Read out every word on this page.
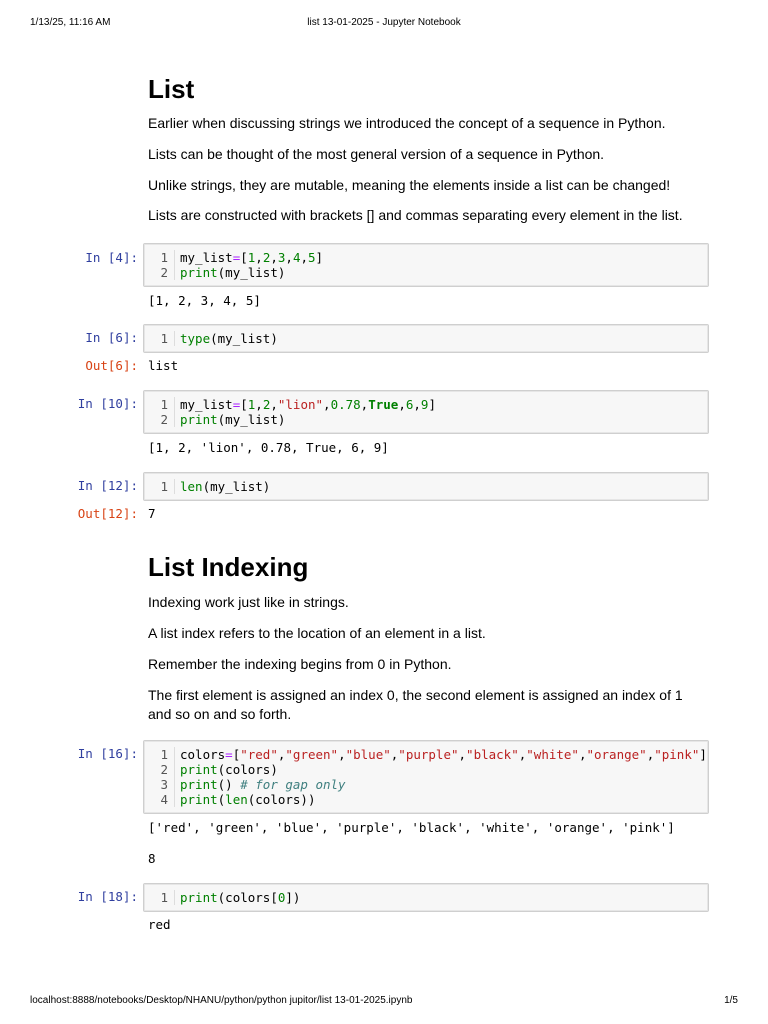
1/13/25, 11:16 AM	list 13-01-2025 - Jupyter Notebook
List
Earlier when discussing strings we introduced the concept of a sequence in Python.
Lists can be thought of the most general version of a sequence in Python.
Unlike strings, they are mutable, meaning the elements inside a list can be changed!
Lists are constructed with brackets [] and commas separating every element in the list.
In [4]:	1 my_list=[1,2,3,4,5]
2 print(my_list)
[1, 2, 3, 4, 5]
In [6]:	1 type(my_list)
Out[6]: list
In [10]:	1 my_list=[1,2,"lion",0.78,True,6,9]
2 print(my_list)
[1, 2, 'lion', 0.78, True, 6, 9]
In [12]:	1 len(my_list)
Out[12]: 7
List Indexing
Indexing work just like in strings.
A list index refers to the location of an element in a list.
Remember the indexing begins from 0 in Python.
The first element is assigned an index 0, the second element is assigned an index of 1 and so on and so forth.
In [16]:	1 colors=["red","green","blue","purple","black","white","orange","pink"]
2 print(colors)
3 print() # for gap only
4 print(len(colors))
['red', 'green', 'blue', 'purple', 'black', 'white', 'orange', 'pink']
8
In [18]:	1 print(colors[0])
red
localhost:8888/notebooks/Desktop/NHANU/python/python jupitor/list 13-01-2025.ipynb	1/5
